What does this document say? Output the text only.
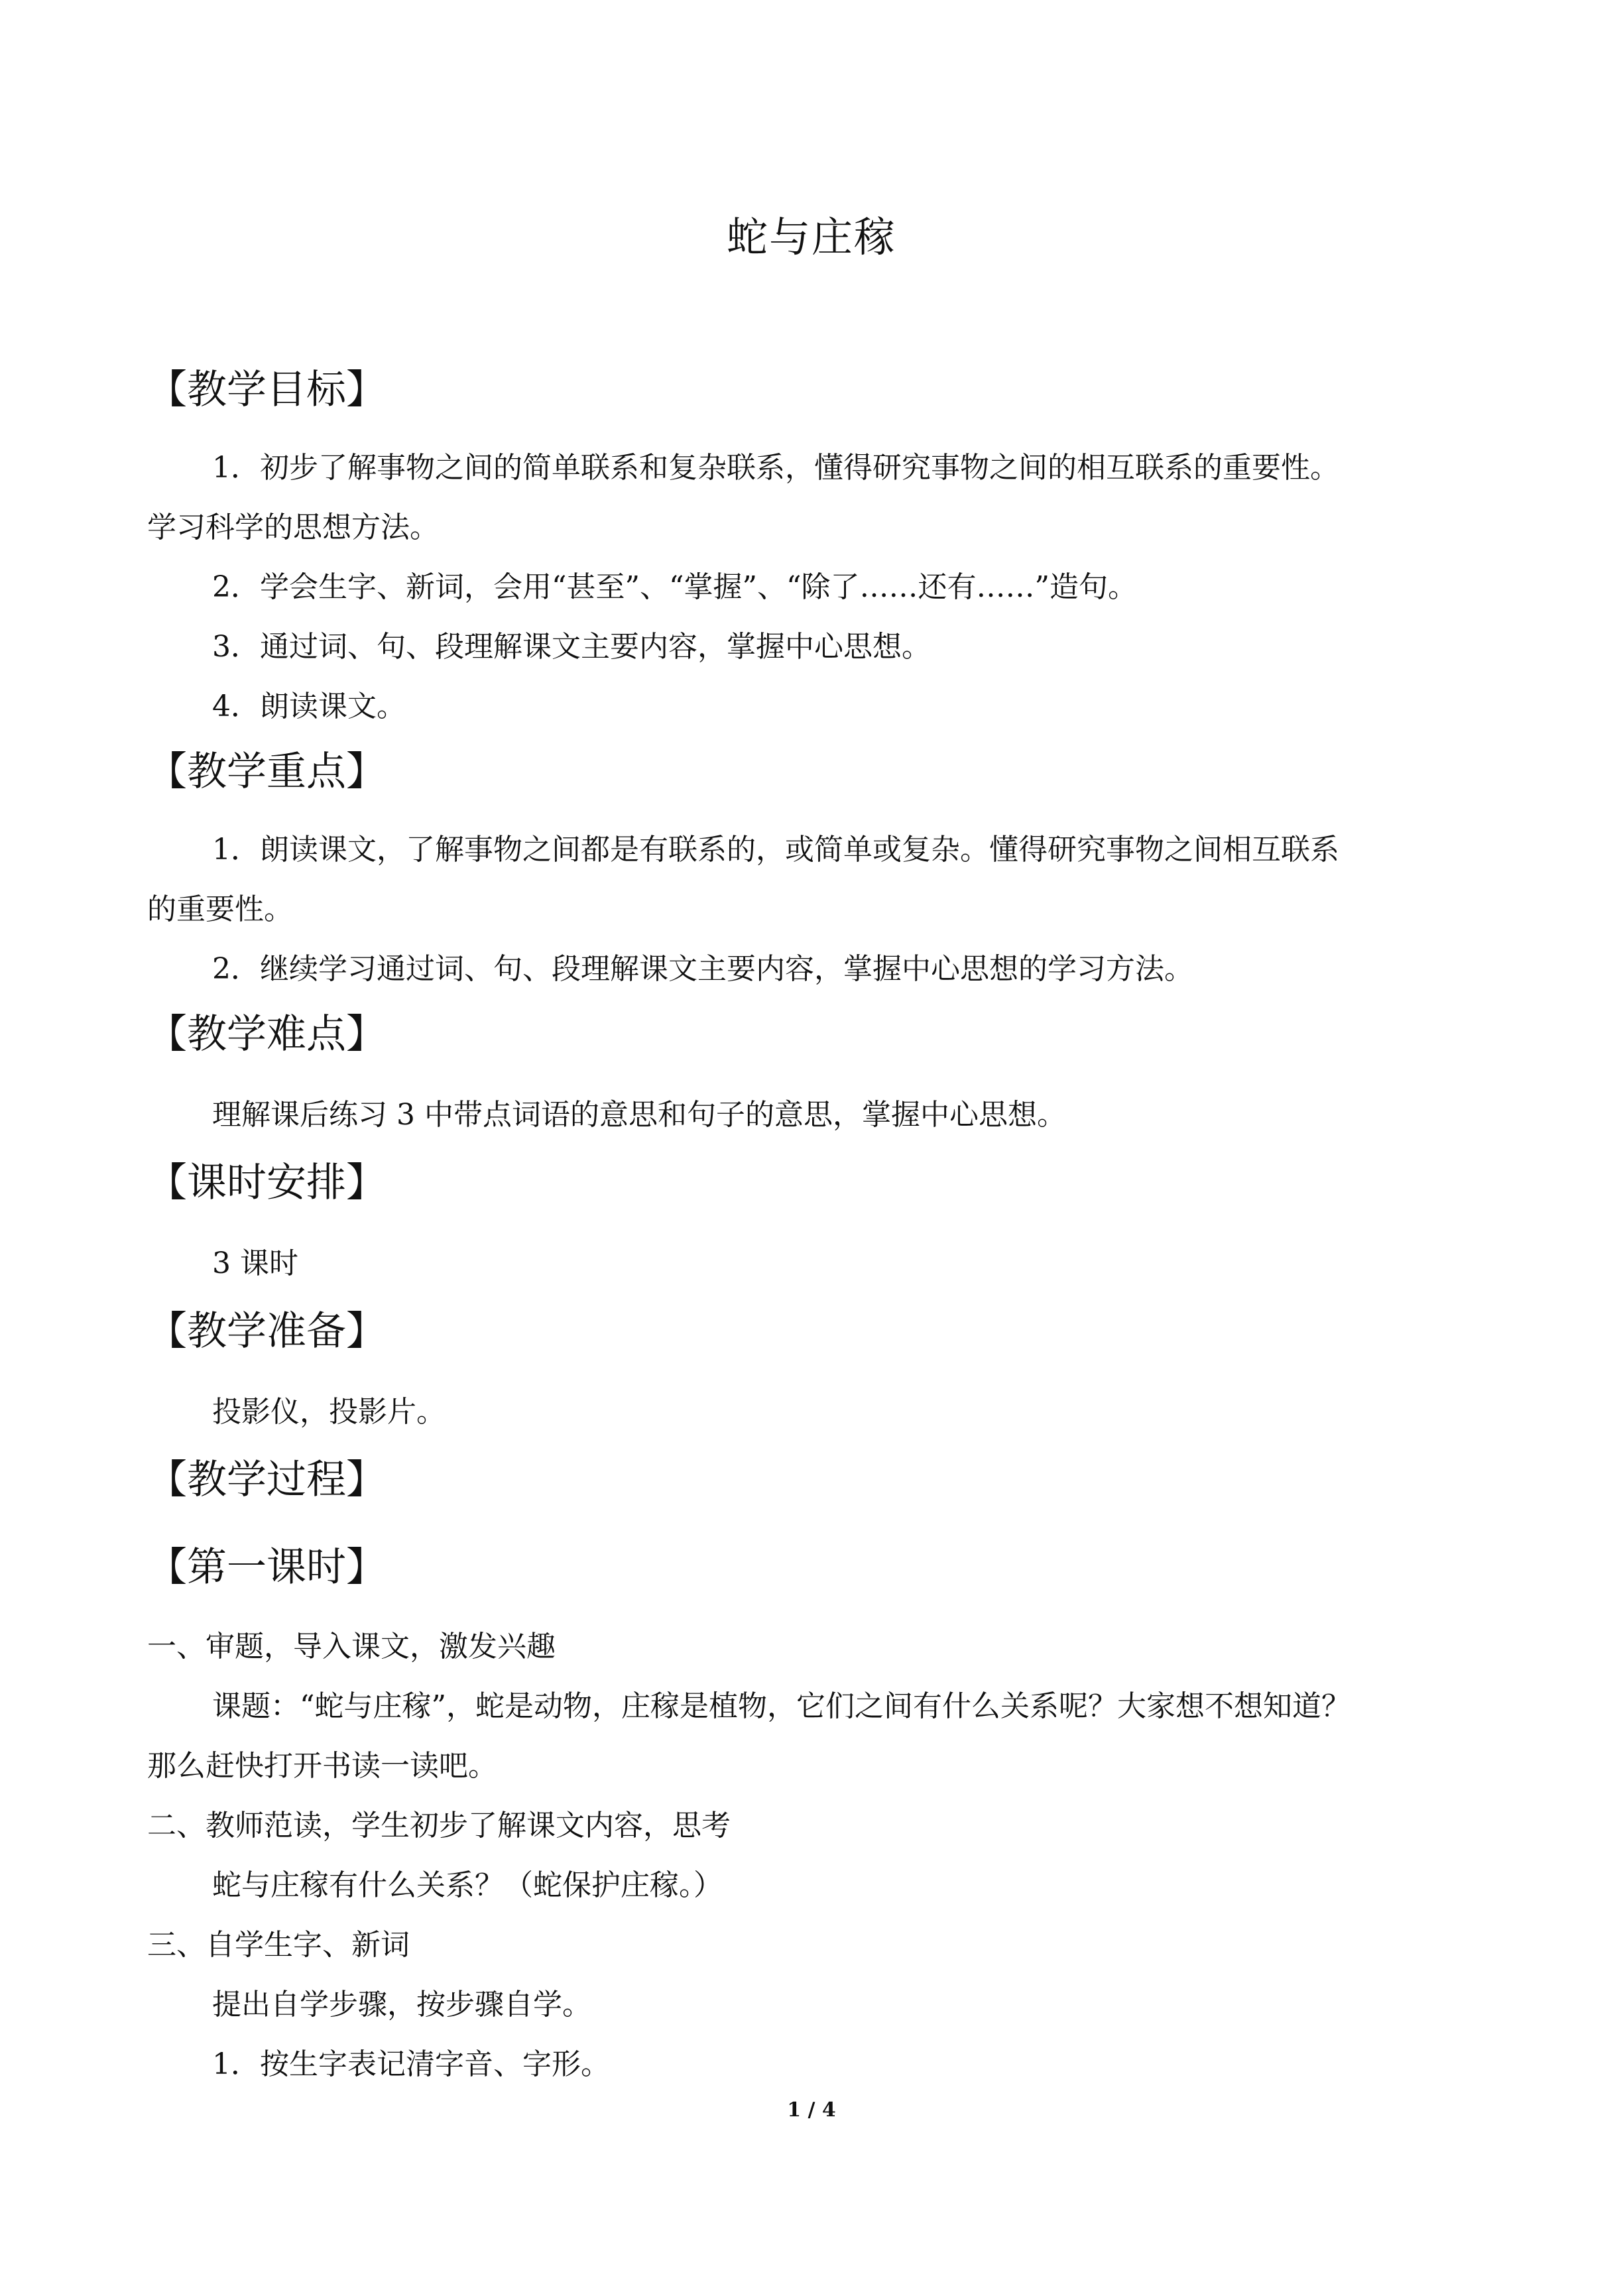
蛇与庄稼
【教学目标】
1．初步了解事物之间的简单联系和复杂联系，懂得研究事物之间的相互联系的重要性。
学习科学的思想方法。
2．学会生字、新词，会用“甚至”、“掌握”、“除了……还有……”造句。
3．通过词、句、段理解课文主要内容，掌握中心思想。
4．朗读课文。
【教学重点】
1．朗读课文，了解事物之间都是有联系的，或简单或复杂。懂得研究事物之间相互联系
的重要性。
2．继续学习通过词、句、段理解课文主要内容，掌握中心思想的学习方法。
【教学难点】
理解课后练习 3 中带点词语的意思和句子的意思，掌握中心思想。
【课时安排】
3 课时
【教学准备】
投影仪，投影片。
【教学过程】
【第一课时】
一、审题，导入课文，激发兴趣
课题：“蛇与庄稼”，蛇是动物，庄稼是植物，它们之间有什么关系呢？大家想不想知道？
那么赶快打开书读一读吧。
二、教师范读，学生初步了解课文内容，思考
蛇与庄稼有什么关系？（蛇保护庄稼。）
三、自学生字、新词
提出自学步骤，按步骤自学。
1．按生字表记清字音、字形。
1 / 4
